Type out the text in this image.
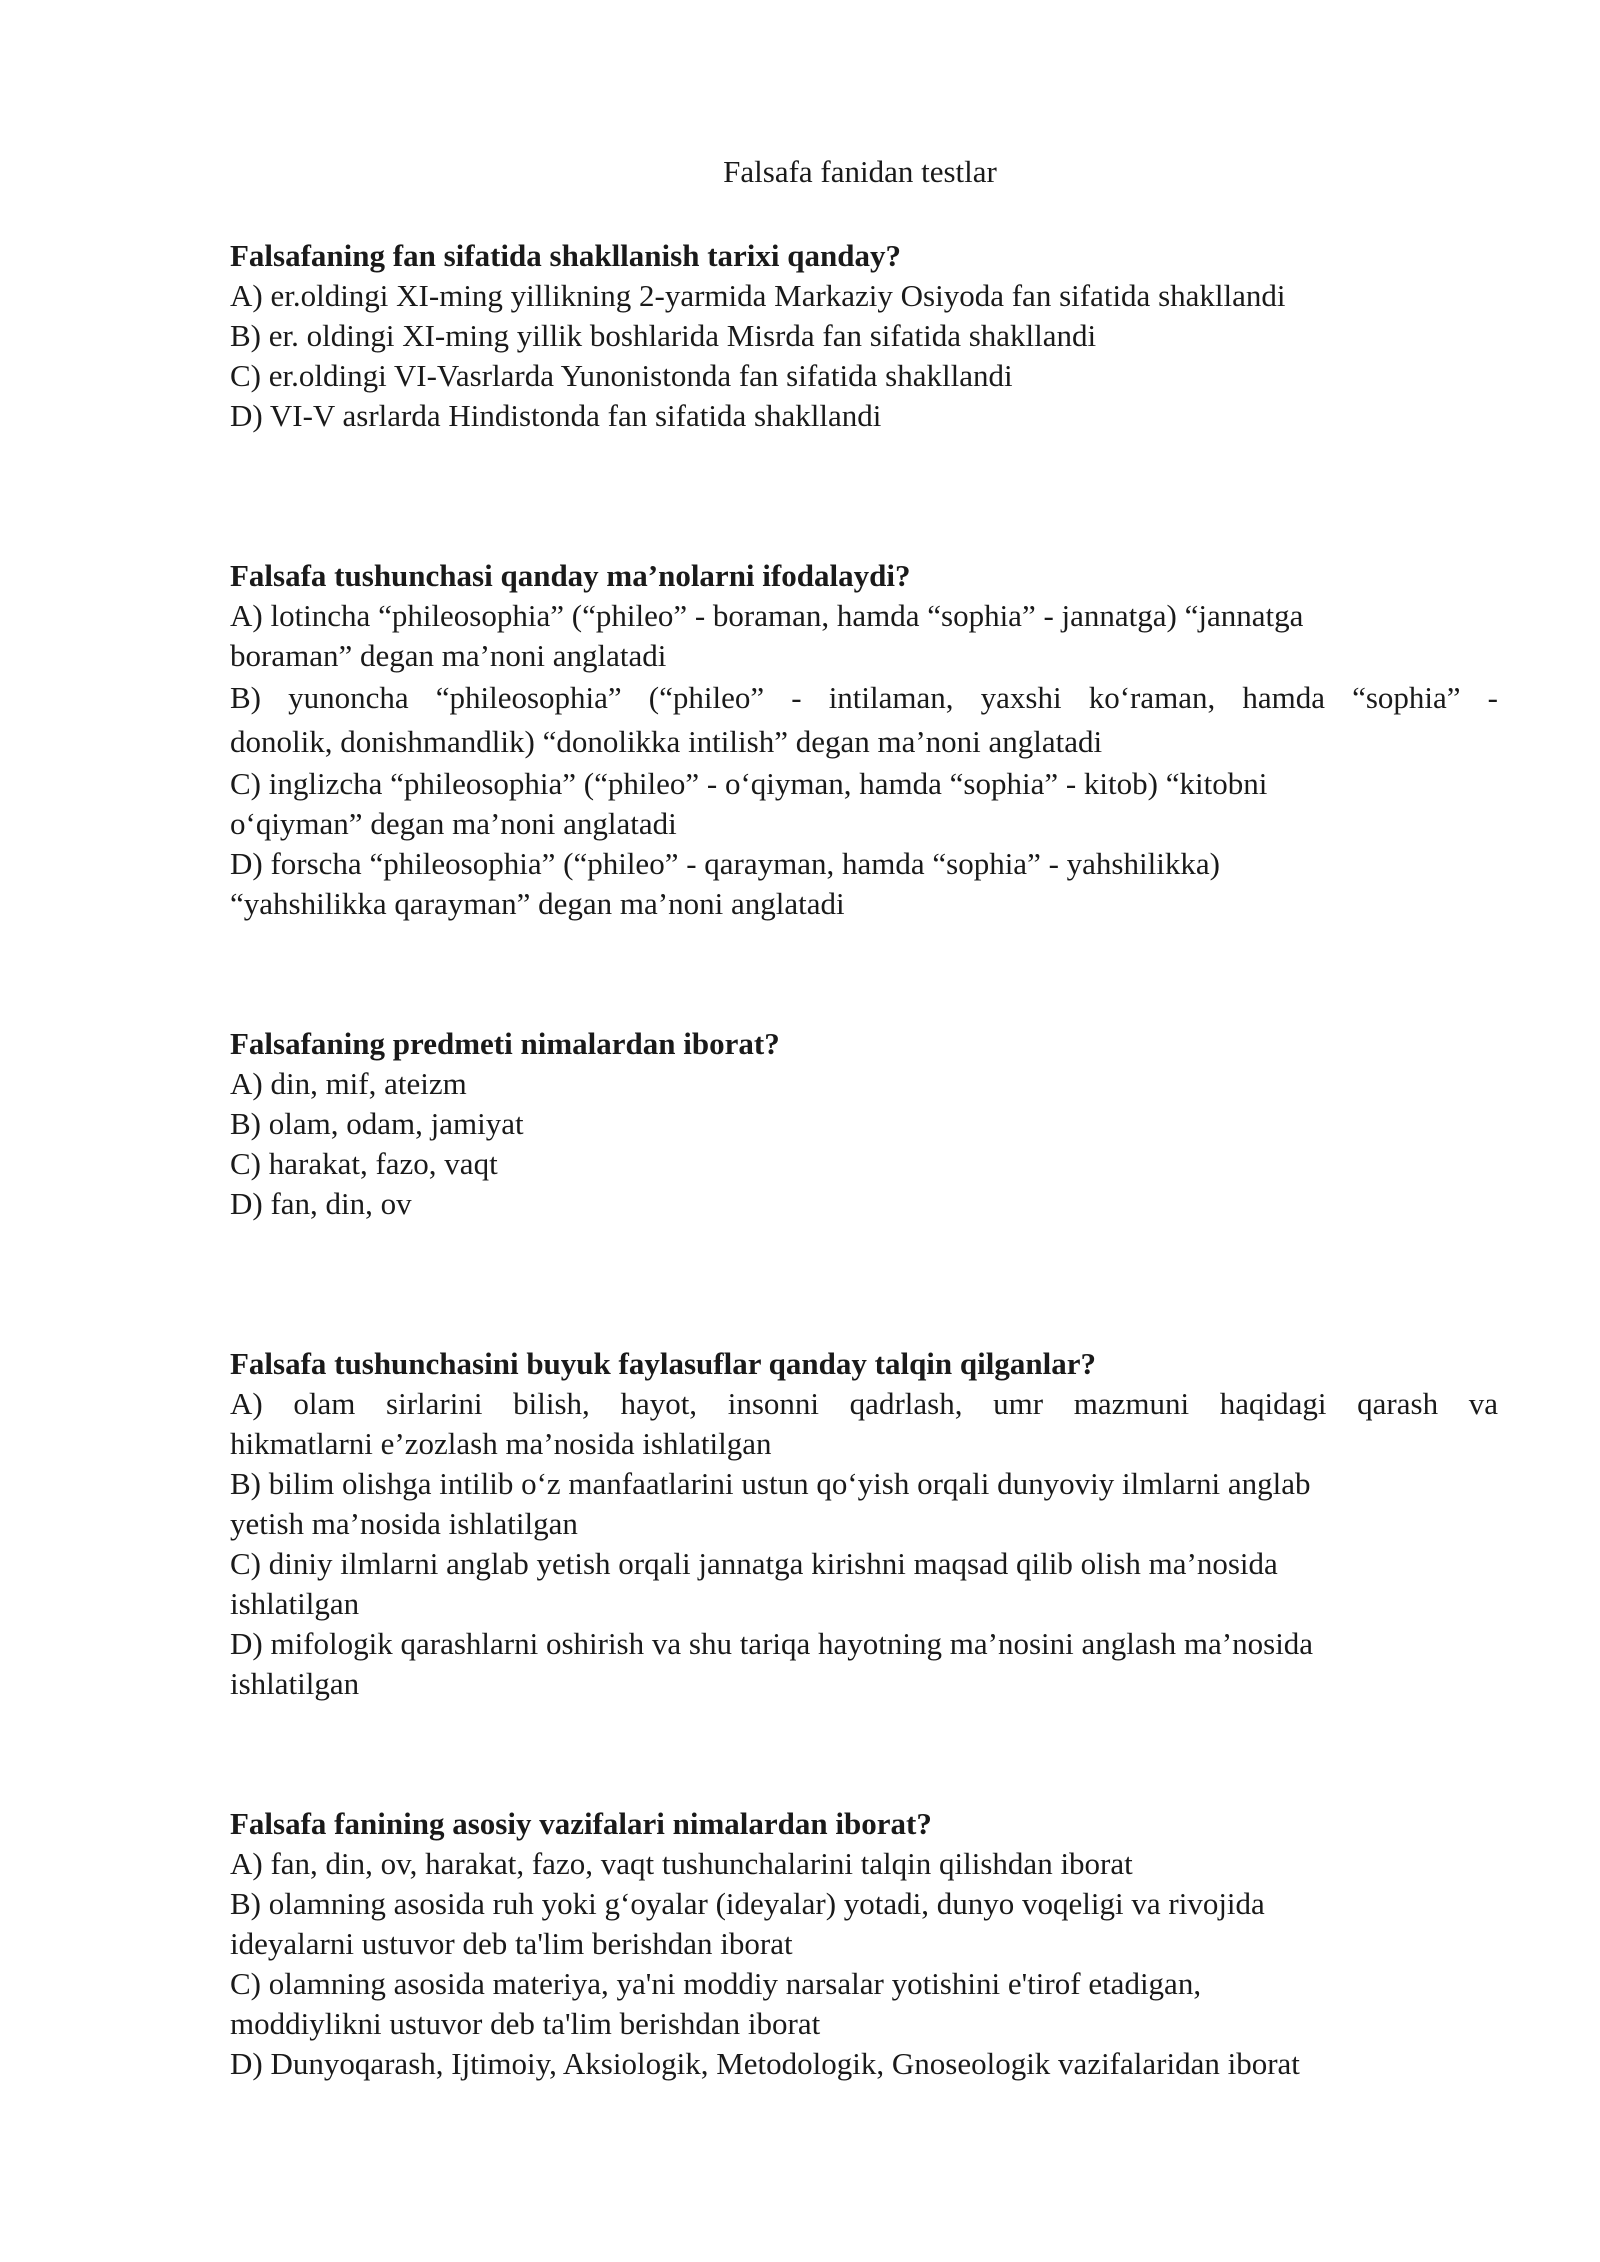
Falsafa fanidan testlar

Falsafaning fan sifatida shakllanish tarixi qanday?

A) er.oldingi XI-ming yillikning 2-yarmida Markaziy Osiyoda fan sifatida shakllandi

B) er. oldingi XI-ming yillik boshlarida Misrda fan sifatida shakllandi

C) er.oldingi VI-Vasrlarda Yunonistonda fan sifatida shakllandi

D) VI-V asrlarda Hindistonda fan sifatida shakllandi

Falsafa tushunchasi qanday ma’nolarni ifodalaydi?

A) lotincha “phileosophia” (“phileo” - boraman, hamda “sophia” - jannatga) “jannatga

boraman” degan ma’noni anglatadi

B) yunoncha “phileosophia” (“phileo” - intilaman, yaxshi ko‘raman, hamda “sophia” -

donolik, donishmandlik) “donolikka intilish” degan ma’noni anglatadi

C) inglizcha “phileosophia” (“phileo” - o‘qiyman, hamda “sophia” - kitob) “kitobni

o‘qiyman” degan ma’noni anglatadi

D) forscha “phileosophia” (“phileo” - qarayman, hamda “sophia” - yahshilikka)

“yahshilikka qarayman” degan ma’noni anglatadi

Falsafaning predmeti nimalardan iborat?

A) din, mif, ateizm

B) olam, odam, jamiyat

C) harakat, fazo, vaqt

D) fan, din, ov

Falsafa tushunchasini buyuk faylasuflar qanday talqin qilganlar?

A) olam sirlarini bilish, hayot, insonni qadrlash, umr mazmuni haqidagi qarash va

hikmatlarni e’zozlash ma’nosida ishlatilgan

B) bilim olishga intilib o‘z manfaatlarini ustun qo‘yish orqali dunyoviy ilmlarni anglab

yetish ma’nosida ishlatilgan

C) diniy ilmlarni anglab yetish orqali jannatga kirishni maqsad qilib olish ma’nosida

ishlatilgan

D) mifologik qarashlarni oshirish va shu tariqa hayotning ma’nosini anglash ma’nosida

ishlatilgan

Falsafa fanining asosiy vazifalari nimalardan iborat?

A) fan, din, ov, harakat, fazo, vaqt tushunchalarini talqin qilishdan iborat

B) olamning asosida ruh yoki g‘oyalar (ideyalar) yotadi, dunyo voqeligi va rivojida

ideyalarni ustuvor deb ta'lim berishdan iborat

C) olamning asosida materiya, ya'ni moddiy narsalar yotishini e'tirof etadigan,

moddiylikni ustuvor deb ta'lim berishdan iborat

D) Dunyoqarash, Ijtimoiy, Aksiologik, Metodologik, Gnoseologik vazifalaridan iborat
